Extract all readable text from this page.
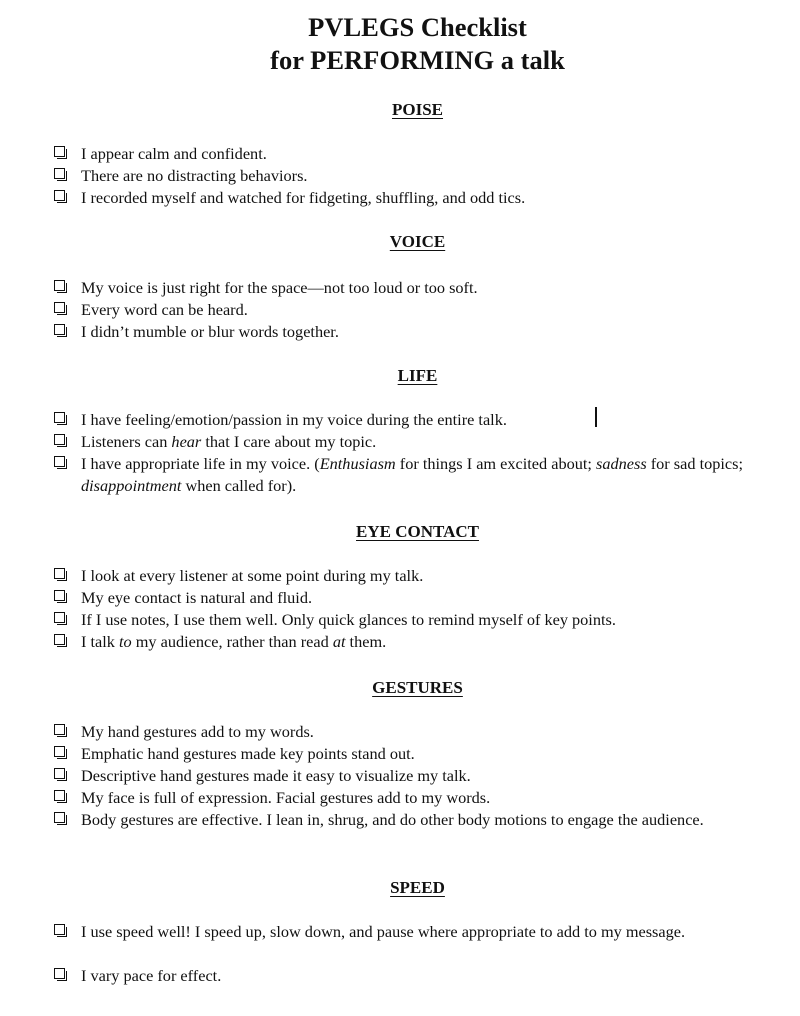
PVLEGS Checklist
for PERFORMING a talk
POISE
I appear calm and confident.
There are no distracting behaviors.
I recorded myself and watched for fidgeting, shuffling, and odd tics.
VOICE
My voice is just right for the space—not too loud or too soft.
Every word can be heard.
I didn’t mumble or blur words together.
LIFE
I have feeling/emotion/passion in my voice during the entire talk.
Listeners can hear that I care about my topic.
I have appropriate life in my voice. (Enthusiasm for things I am excited about; sadness for sad topics; disappointment when called for).
EYE CONTACT
I look at every listener at some point during my talk.
My eye contact is natural and fluid.
If I use notes, I use them well. Only quick glances to remind myself of key points.
I talk to my audience, rather than read at them.
GESTURES
My hand gestures add to my words.
Emphatic hand gestures made key points stand out.
Descriptive hand gestures made it easy to visualize my talk.
My face is full of expression. Facial gestures add to my words.
Body gestures are effective. I lean in, shrug, and do other body motions to engage the audience.
SPEED
I use speed well! I speed up, slow down, and pause where appropriate to add to my message.
I vary pace for effect.
